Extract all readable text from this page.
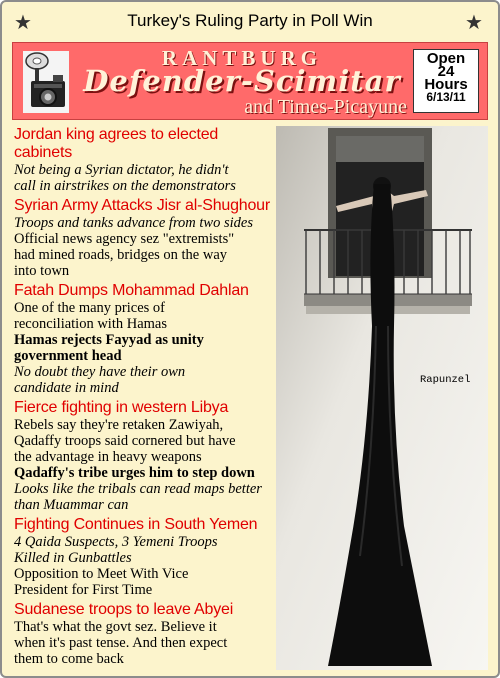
★	Turkey's Ruling Party in Poll Win	★
RANTBURG
Defender-Scimitar
and Times-Picayune
Open
24
Hours
6/13/11
Jordan king agrees to elected cabinets
Not being a Syrian dictator, he didn't
call in airstrikes on the demonstrators
Syrian Army Attacks Jisr al-Shughour
Troops and tanks advance from two sides
Official news agency sez "extremists"
had mined roads, bridges on the way
into town
Fatah Dumps Mohammad Dahlan
One of the many prices of
reconciliation with Hamas
Hamas rejects Fayyad as unity
government head
No doubt they have their own
candidate in mind
Fierce fighting in western Libya
Rebels say they're retaken Zawiyah,
Qadaffy troops said cornered but have
the advantage in heavy weapons
Qadaffy's tribe urges him to step down
Looks like the tribals can read maps better
than Muammar can
Fighting Continues in South Yemen
4 Qaida Suspects, 3 Yemeni Troops
Killed in Gunbattles
Opposition to Meet With Vice
President for First Time
Sudanese troops to leave Abyei
That's what the govt sez. Believe it
when it's past tense. And then expect
them to come back
Rapunzel
